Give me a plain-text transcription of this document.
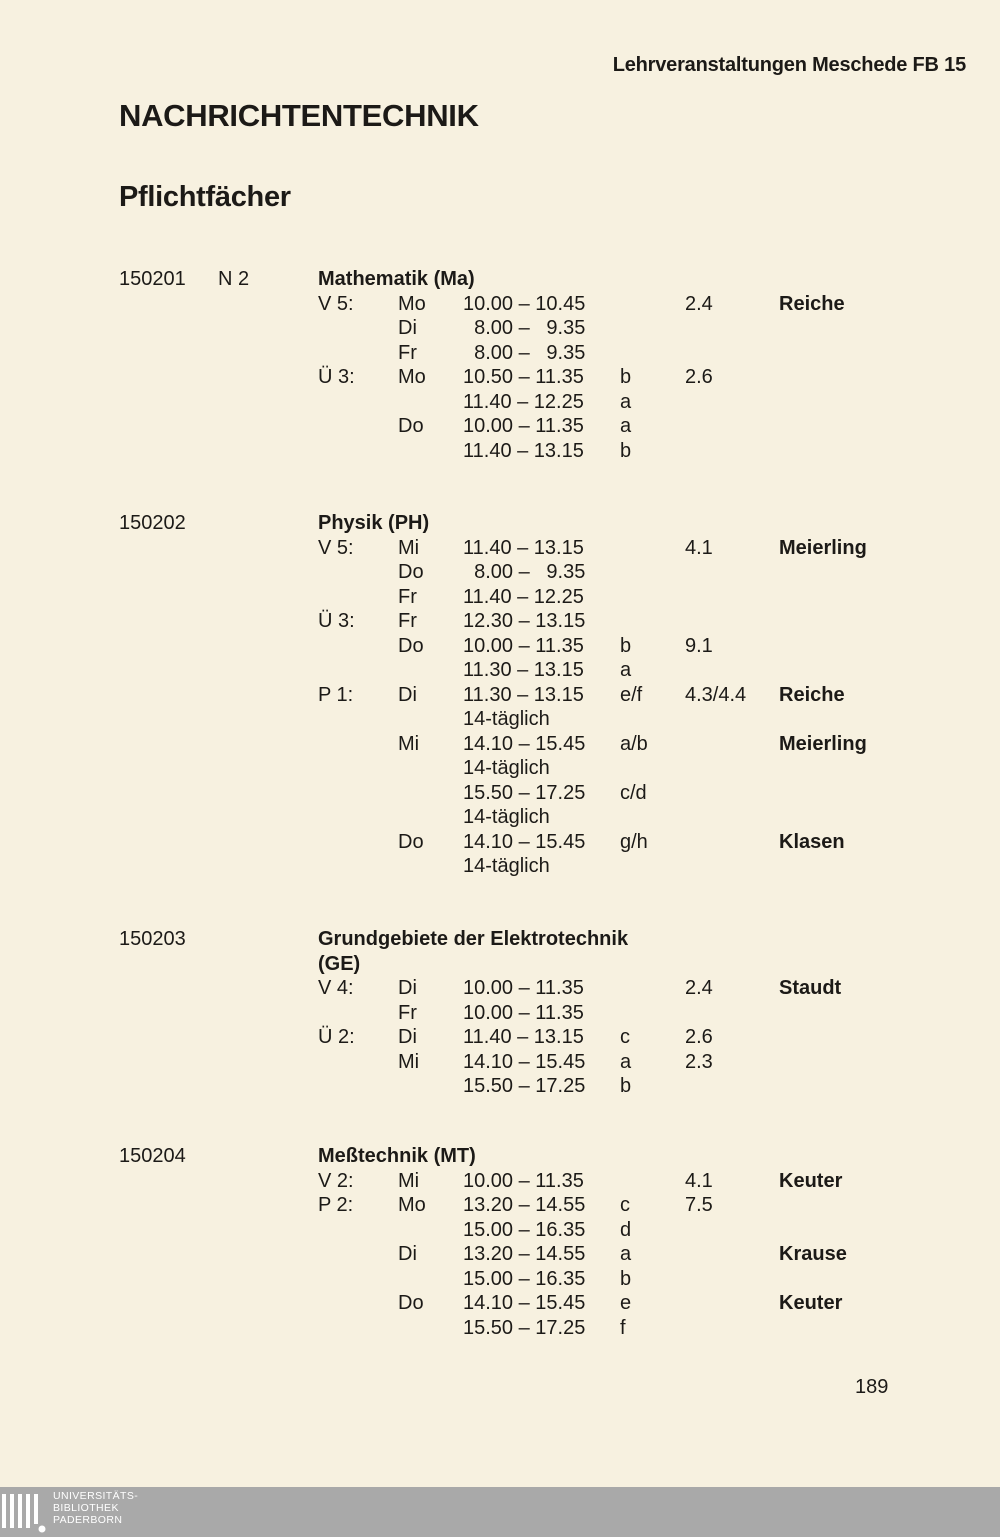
Lehrveranstaltungen Meschede FB 15
NACHRICHTENTECHNIK
Pflichtfächer
150201 N 2	Mathematik (Ma)
V 5: Mo 10.00 – 10.45	2.4	Reiche
Di 8.00 –   9.35
Fr 8.00 –   9.35
Ü 3: Mo 10.50 – 11.35 b	2.6
11.40 – 12.25 a
Do 10.00 – 11.35 a
11.40 – 13.15 b
150202	Physik (PH)
V 5: Mi 11.40 – 13.15	4.1	Meierling
Do 8.00 –   9.35
Fr 11.40 – 12.25
Ü 3: Fr 12.30 – 13.15
Do 10.00 – 11.35 b	9.1
11.30 – 13.15 a
P 1: Di 11.30 – 13.15 e/f 4.3/4.4 Reiche
14-täglich
Mi 14.10 – 15.45 a/b	Meierling
14-täglich
15.50 – 17.25 c/d
14-täglich
Do 14.10 – 15.45 g/h	Klasen
14-täglich
150203	Grundgebiete der Elektrotechnik
(GE)
V 4: Di 10.00 – 11.35	2.4	Staudt
Fr 10.00 – 11.35
Ü 2: Di 11.40 – 13.15 c	2.6
Mi 14.10 – 15.45 a	2.3
15.50 – 17.25 b
150204	Meßtechnik (MT)
V 2: Mi 10.00 – 11.35	4.1	Keuter
P 2: Mo 13.20 – 14.55 c	7.5
15.00 – 16.35 d
Di 13.20 – 14.55 a	Krause
15.00 – 16.35 b
Do 14.10 – 15.45 e	Keuter
15.50 – 17.25 f
189
UNIVERSITÄTS-
BIBLIOTHEK
PADERBORN
